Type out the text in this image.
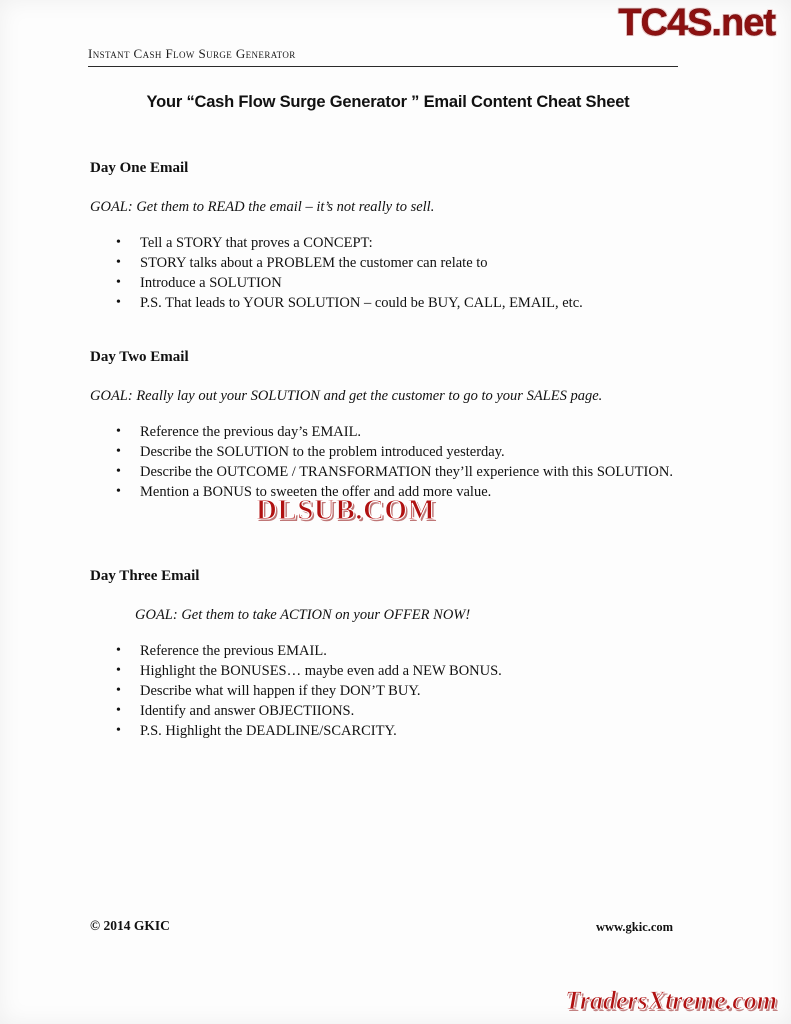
TC4S.net
Instant Cash Flow Surge Generator
Your “Cash Flow Surge Generator ” Email Content Cheat Sheet
Day One Email
GOAL: Get them to READ the email – it’s not really to sell.
• Tell a STORY that proves a CONCEPT:
• STORY talks about a PROBLEM the customer can relate to
• Introduce a SOLUTION
• P.S. That leads to YOUR SOLUTION – could be BUY, CALL, EMAIL, etc.
Day Two Email
GOAL: Really lay out your SOLUTION and get the customer to go to your SALES page.
• Reference the previous day’s EMAIL.
• Describe the SOLUTION to the problem introduced yesterday.
• Describe the OUTCOME / TRANSFORMATION they’ll experience with this SOLUTION.
• Mention a BONUS to sweeten the offer and add more value.
Day Three Email
GOAL: Get them to take ACTION on your OFFER NOW!
• Reference the previous EMAIL.
• Highlight the BONUSES… maybe even add a NEW BONUS.
• Describe what will happen if they DON’T BUY.
• Identify and answer OBJECTIIONS.
• P.S. Highlight the DEADLINE/SCARCITY.
DLSUB.COM
© 2014 GKIC	www.gkic.com
TradersXtreme.com
